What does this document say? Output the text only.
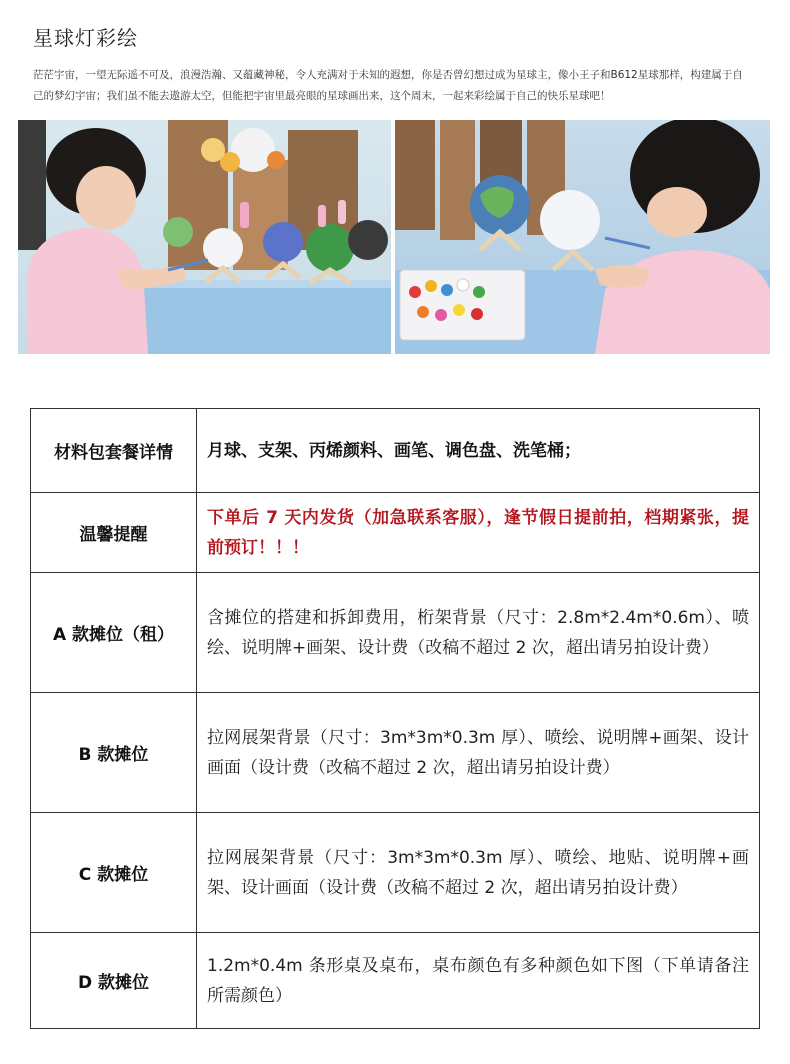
星球灯彩绘
茫茫宇宙，一望无际遥不可及，浪漫浩瀚、又蕴藏神秘，令人充满对于未知的遐想，你是否曾幻想过成为星球主，像小王子和B612星球那样，构建属于自己的梦幻宇宙；我们虽不能去遨游太空，但能把宇宙里最亮眼的星球画出来，这个周末，一起来彩绘属于自己的快乐星球吧！
材料包套餐详情	月球、支架、丙烯颜料、画笔、调色盘、洗笔桶；
温馨提醒	下单后 7 天内发货（加急联系客服），逢节假日提前拍，档期紧张，提前预订！！！
A 款摊位（租）	含摊位的搭建和拆卸费用，桁架背景（尺寸：2.8m*2.4m*0.6m）、喷绘、说明牌+画架、设计费（改稿不超过 2 次，超出请另拍设计费）
B 款摊位	拉网展架背景（尺寸：3m*3m*0.3m 厚）、喷绘、说明牌+画架、设计画面（设计费（改稿不超过 2 次，超出请另拍设计费）
C 款摊位	拉网展架背景（尺寸：3m*3m*0.3m 厚）、喷绘、地贴、说明牌+画架、设计画面（设计费（改稿不超过 2 次，超出请另拍设计费）
D 款摊位	1.2m*0.4m 条形桌及桌布，桌布颜色有多种颜色如下图（下单请备注所需颜色）
